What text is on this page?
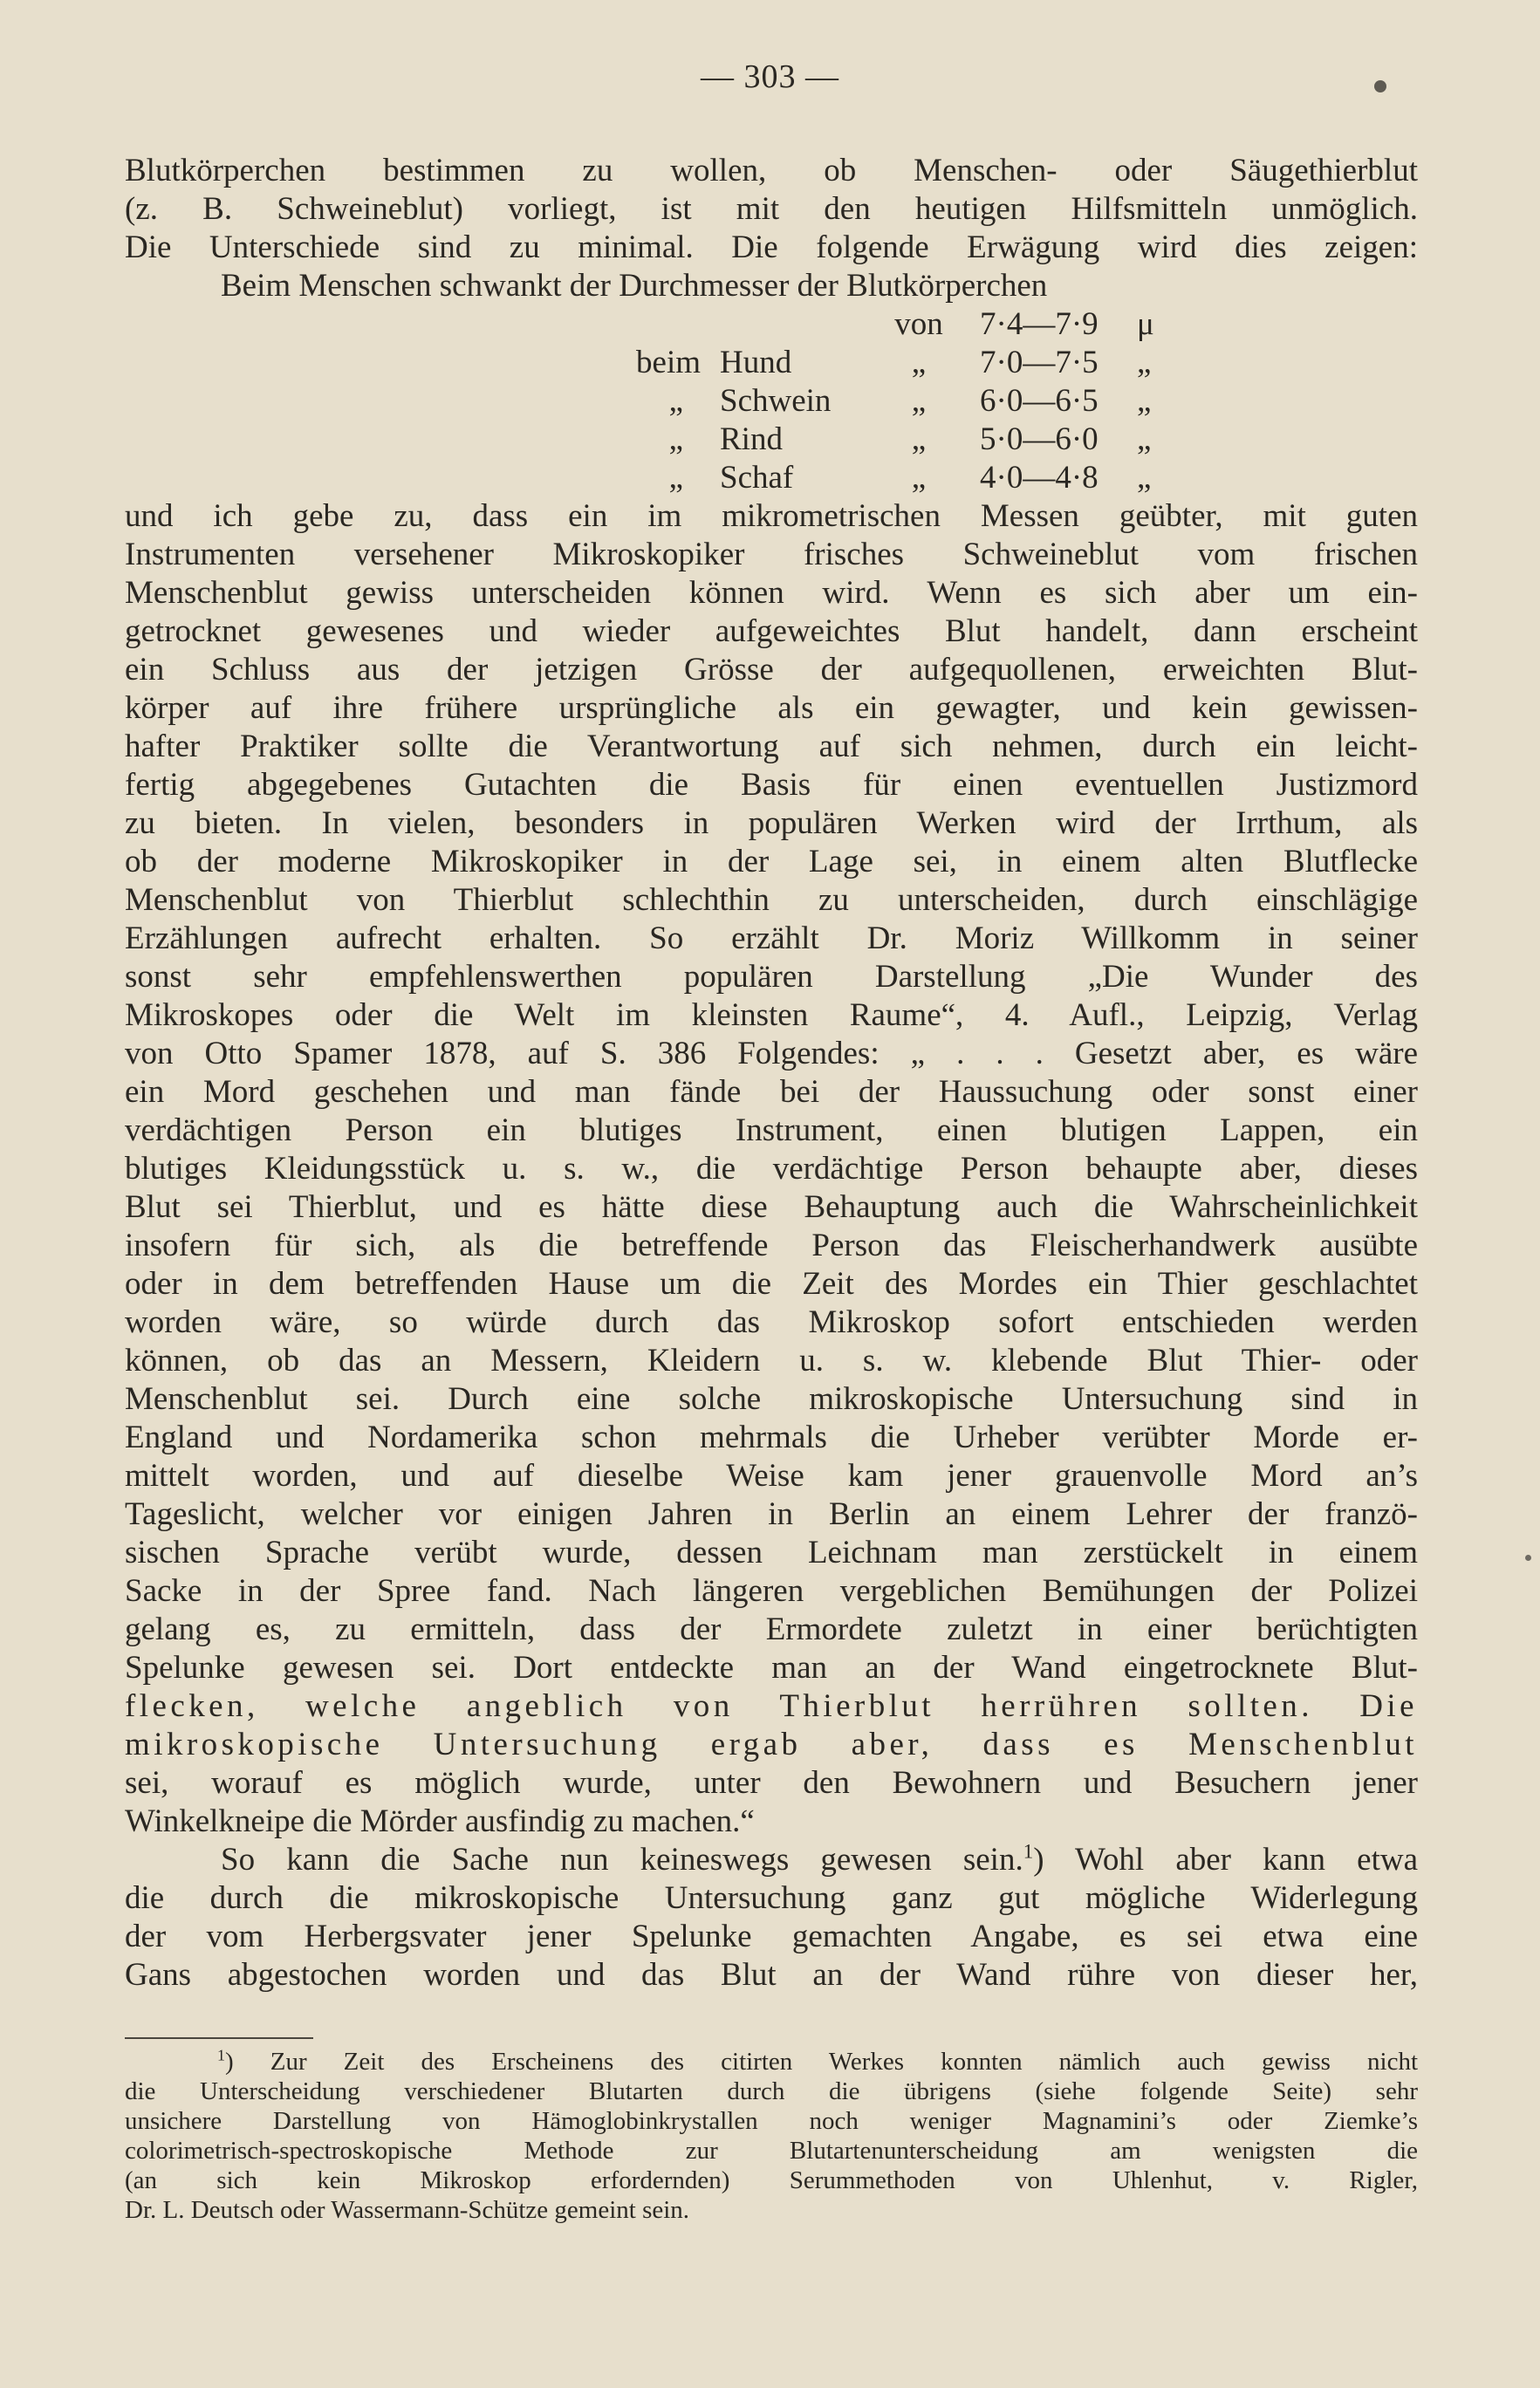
— 303 —
Blutkörperchen bestimmen zu wollen, ob Menschen- oder Säugethierblut
(z. B. Schweineblut) vorliegt, ist mit den heutigen Hilfsmitteln unmöglich.
Die Unterschiede sind zu minimal. Die folgende Erwägung wird dies zeigen:
Beim Menschen schwankt der Durchmesser der Blutkörperchen
von	7·4—7·9	μ
beim Hund	„	7·0—7·5	„
„	Schwein	„	6·0—6·5	„
„	Rind	„	5·0—6·0	„
„	Schaf	„	4·0—4·8	„
und ich gebe zu, dass ein im mikrometrischen Messen geübter, mit guten
Instrumenten versehener Mikroskopiker frisches Schweineblut vom frischen
Menschenblut gewiss unterscheiden können wird. Wenn es sich aber um ein-
getrocknet gewesenes und wieder aufgeweichtes Blut handelt, dann erscheint
ein Schluss aus der jetzigen Grösse der aufgequollenen, erweichten Blut-
körper auf ihre frühere ursprüngliche als ein gewagter, und kein gewissen-
hafter Praktiker sollte die Verantwortung auf sich nehmen, durch ein leicht-
fertig abgegebenes Gutachten die Basis für einen eventuellen Justizmord
zu bieten. In vielen, besonders in populären Werken wird der Irrthum, als
ob der moderne Mikroskopiker in der Lage sei, in einem alten Blutflecke
Menschenblut von Thierblut schlechthin zu unterscheiden, durch einschlägige
Erzählungen aufrecht erhalten. So erzählt Dr. Moriz Willkomm in seiner
sonst sehr empfehlenswerthen populären Darstellung „Die Wunder des
Mikroskopes oder die Welt im kleinsten Raume“, 4. Aufl., Leipzig, Verlag
von Otto Spamer 1878, auf S. 386 Folgendes: „ . . . Gesetzt aber, es wäre
ein Mord geschehen und man fände bei der Haussuchung oder sonst einer
verdächtigen Person ein blutiges Instrument, einen blutigen Lappen, ein
blutiges Kleidungsstück u. s. w., die verdächtige Person behaupte aber, dieses
Blut sei Thierblut, und es hätte diese Behauptung auch die Wahrscheinlichkeit
insofern für sich, als die betreffende Person das Fleischerhandwerk ausübte
oder in dem betreffenden Hause um die Zeit des Mordes ein Thier geschlachtet
worden wäre, so würde durch das Mikroskop sofort entschieden werden
können, ob das an Messern, Kleidern u. s. w. klebende Blut Thier- oder
Menschenblut sei. Durch eine solche mikroskopische Untersuchung sind in
England und Nordamerika schon mehrmals die Urheber verübter Morde er-
mittelt worden, und auf dieselbe Weise kam jener grauenvolle Mord an’s
Tageslicht, welcher vor einigen Jahren in Berlin an einem Lehrer der franzö-
sischen Sprache verübt wurde, dessen Leichnam man zerstückelt in einem
Sacke in der Spree fand. Nach längeren vergeblichen Bemühungen der Polizei
gelang es, zu ermitteln, dass der Ermordete zuletzt in einer berüchtigten
Spelunke gewesen sei. Dort entdeckte man an der Wand eingetrocknete Blut-
flecken, welche angeblich von Thierblut herrühren sollten. Die
mikroskopische Untersuchung ergab aber, dass es Menschenblut
sei, worauf es möglich wurde, unter den Bewohnern und Besuchern jener
Winkelkneipe die Mörder ausfindig zu machen.“
So kann die Sache nun keineswegs gewesen sein.$^1$) Wohl aber kann etwa
die durch die mikroskopische Untersuchung ganz gut mögliche Widerlegung
der vom Herbergsvater jener Spelunke gemachten Angabe, es sei etwa eine
Gans abgestochen worden und das Blut an der Wand rühre von dieser her,
$^1$) Zur Zeit des Erscheinens des citirten Werkes konnten nämlich auch gewiss nicht
die Unterscheidung verschiedener Blutarten durch die übrigens (siehe folgende Seite) sehr
unsichere Darstellung von Hämoglobinkrystallen noch weniger Magnamini’s oder Ziemke’s
colorimetrisch-spectroskopische Methode zur Blutartenunterscheidung am wenigsten die
(an sich kein Mikroskop erfordernden) Serummethoden von Uhlenhut, v. Rigler,
Dr. L. Deutsch oder Wassermann-Schütze gemeint sein.
